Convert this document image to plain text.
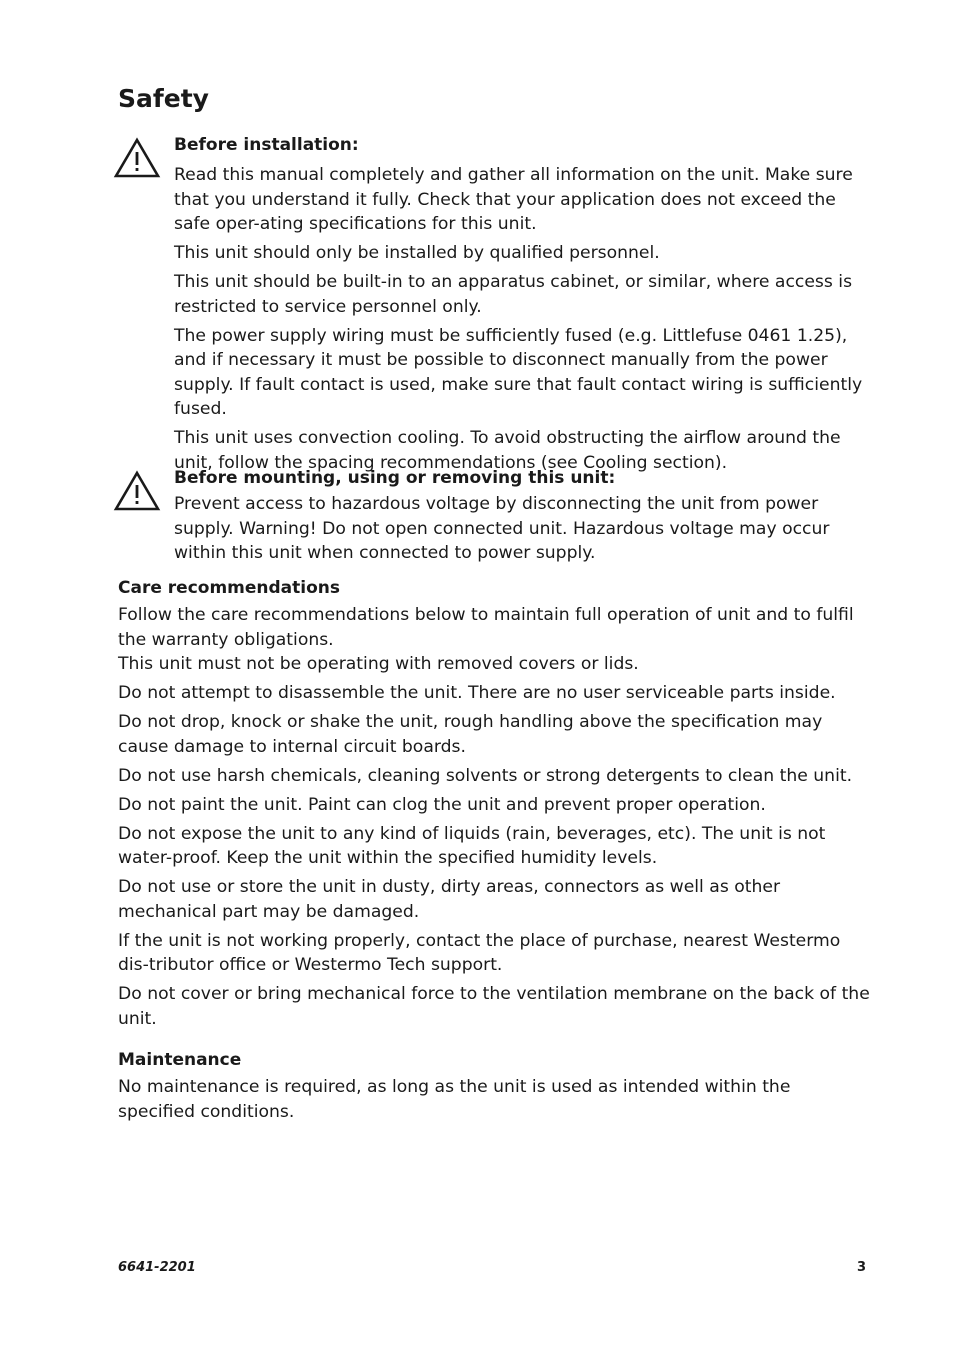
Safety

Before installation:

Read this manual completely and gather all information on the unit. Make sure that you understand it fully. Check that your application does not exceed the safe oper-ating specifications for this unit.

This unit should only be installed by qualified personnel.

This unit should be built-in to an apparatus cabinet, or similar, where access is restricted to service personnel only.

The power supply wiring must be sufficiently fused (e.g. Littlefuse 0461 1.25), and if necessary it must be possible to disconnect manually from the power supply. If fault contact is used, make sure that fault contact wiring is sufficiently fused.

This unit uses convection cooling. To avoid obstructing the airflow around the unit, follow the spacing recommendations (see Cooling section).

Before mounting, using or removing this unit:

Prevent access to hazardous voltage by disconnecting the unit from power supply. Warning! Do not open connected unit. Hazardous voltage may occur within this unit when connected to power supply.

Care recommendations

Follow the care recommendations below to maintain full operation of unit and to fulfil the warranty obligations.

This unit must not be operating with removed covers or lids.

Do not attempt to disassemble the unit. There are no user serviceable parts inside.

Do not drop, knock or shake the unit, rough handling above the specification may cause damage to internal circuit boards.

Do not use harsh chemicals, cleaning solvents or strong detergents to clean the unit.

Do not paint the unit. Paint can clog the unit and prevent proper operation.

Do not expose the unit to any kind of liquids (rain, beverages, etc). The unit is not water-proof. Keep the unit within the specified humidity levels.

Do not use or store the unit in dusty, dirty areas, connectors as well as other mechanical part may be damaged.

If the unit is not working properly, contact the place of purchase, nearest Westermo dis-tributor office or Westermo Tech support.

Do not cover or bring mechanical force to the ventilation membrane on the back of the unit.

Maintenance

No maintenance is required, as long as the unit is used as intended within the specified conditions.

6641-2201	3
